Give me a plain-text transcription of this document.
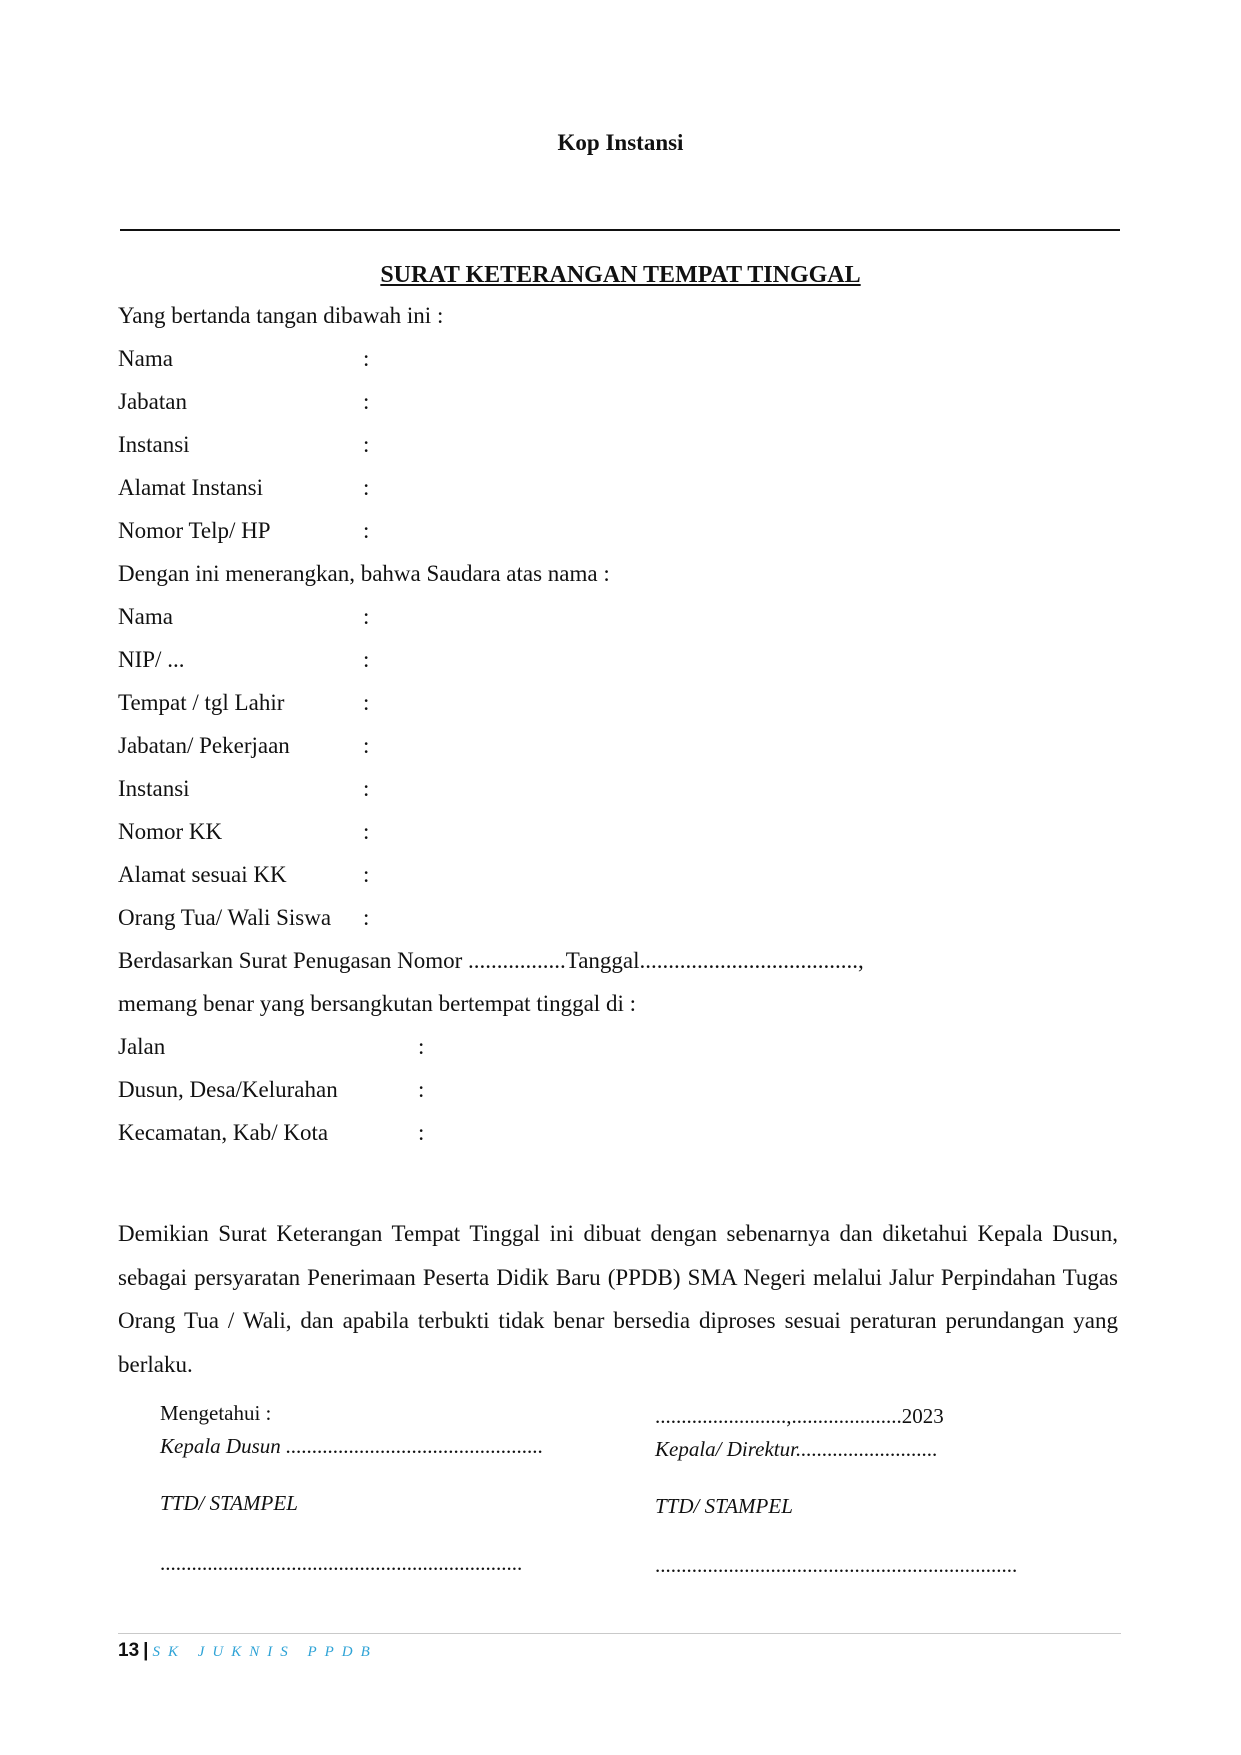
Kop Instansi
SURAT KETERANGAN TEMPAT TINGGAL
Yang bertanda tangan dibawah ini :
Nama	:
Jabatan	:
Instansi	:
Alamat Instansi	:
Nomor Telp/ HP	:
Dengan ini menerangkan, bahwa Saudara atas nama :
Nama	:
NIP/ ...	:
Tempat / tgl Lahir	:
Jabatan/ Pekerjaan	:
Instansi	:
Nomor KK	:
Alamat sesuai KK	:
Orang Tua/ Wali Siswa :
Berdasarkan Surat Penugasan Nomor .................Tanggal......................................,
memang benar yang bersangkutan bertempat tinggal di :
Jalan	:
Dusun, Desa/Kelurahan	:
Kecamatan, Kab/ Kota	:
Demikian Surat Keterangan Tempat Tinggal ini dibuat dengan sebenarnya dan diketahui Kepala Dusun, sebagai persyaratan Penerimaan Peserta Didik Baru (PPDB) SMA Negeri melalui Jalur Perpindahan Tugas Orang Tua / Wali, dan apabila terbukti tidak benar bersedia diproses sesuai peraturan perundangan yang berlaku.
Mengetahui :
Kepala Dusun .................................................
TTD/ STAMPEL
.....................................................................
.........................,.....................2023
Kepala/ Direktur...........................
TTD/ STAMPEL
.....................................................................
13 | SK JUKNIS PPDB
